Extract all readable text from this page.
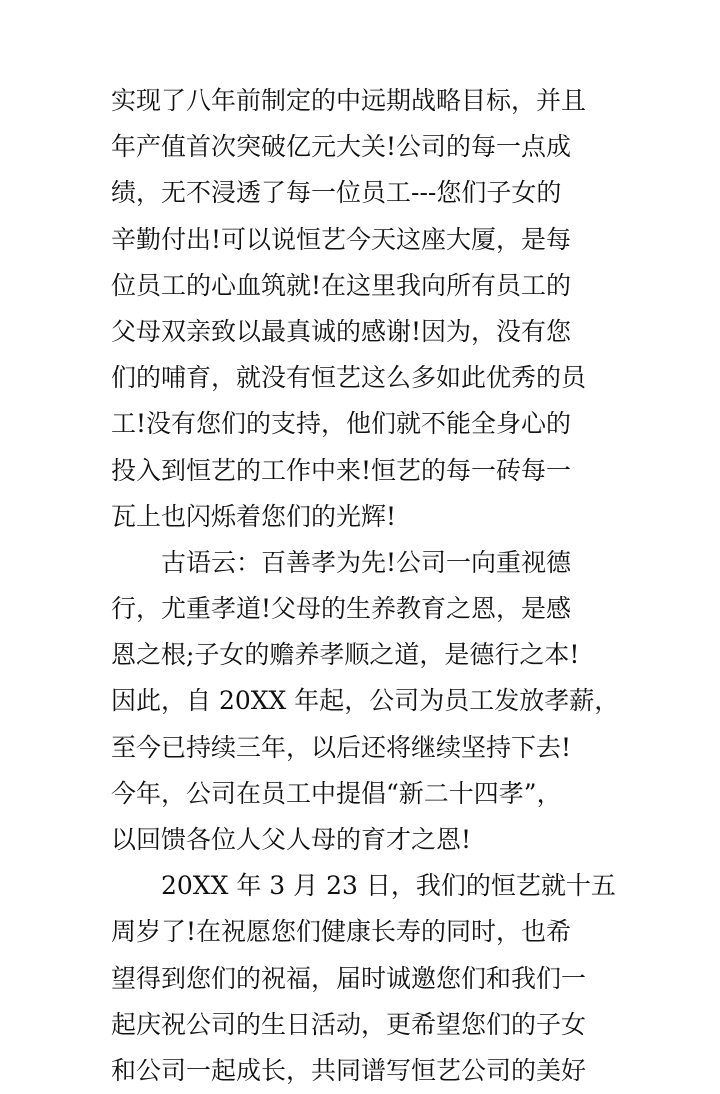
实现了八年前制定的中远期战略目标，并且
年产值首次突破亿元大关!公司的每一点成
绩，无不浸透了每一位员工---您们子女的
辛勤付出!可以说恒艺今天这座大厦，是每
位员工的心血筑就!在这里我向所有员工的
父母双亲致以最真诚的感谢!因为，没有您
们的哺育，就没有恒艺这么多如此优秀的员
工!没有您们的支持，他们就不能全身心的
投入到恒艺的工作中来!恒艺的每一砖每一
瓦上也闪烁着您们的光辉!
古语云：百善孝为先!公司一向重视德
行，尤重孝道!父母的生养教育之恩，是感
恩之根;子女的赡养孝顺之道，是德行之本!
因此，自 20XX 年起，公司为员工发放孝薪，
至今已持续三年，以后还将继续坚持下去!
今年，公司在员工中提倡“新二十四孝”，
以回馈各位人父人母的育才之恩!
20XX 年 3 月 23 日，我们的恒艺就十五
周岁了!在祝愿您们健康长寿的同时，也希
望得到您们的祝福，届时诚邀您们和我们一
起庆祝公司的生日活动，更希望您们的子女
和公司一起成长，共同谱写恒艺公司的美好
